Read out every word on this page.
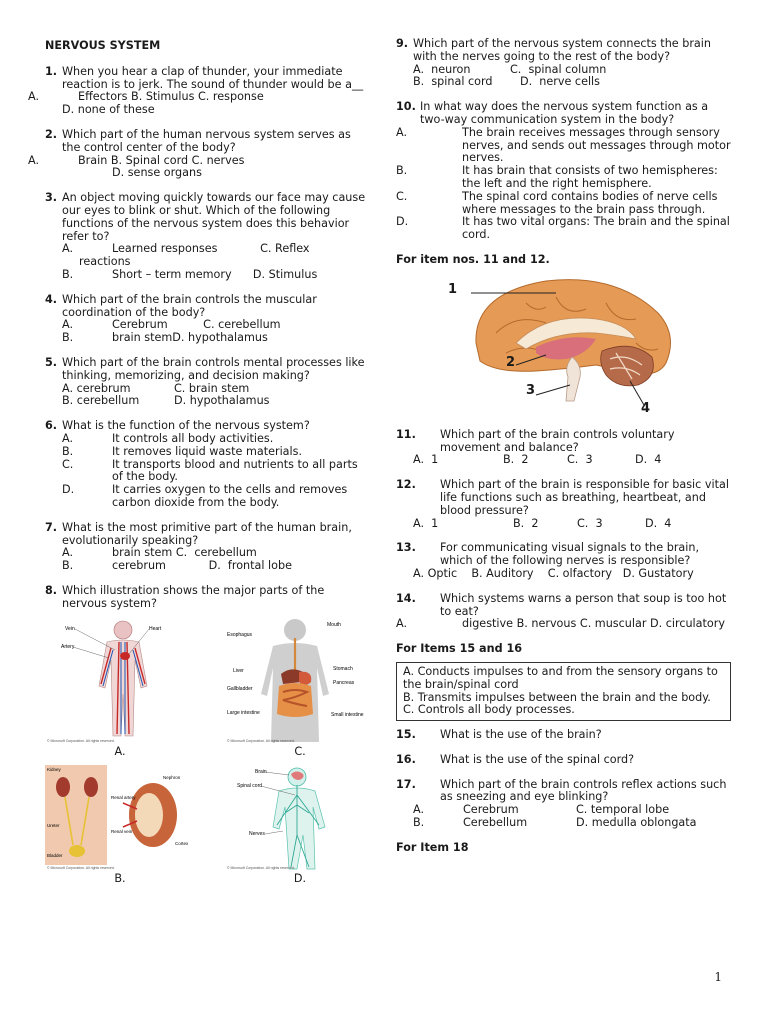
NERVOUS SYSTEM
1. When you hear a clap of thunder, your immediate reaction is to jerk. The sound of thunder would be a__
A.	Effectors B. Stimulus C. response
D. none of these
2. Which part of the human nervous system serves as the control center of the body?
A.	Brain B. Spinal cord C. nerves
D. sense organs
3. An object moving quickly towards our face may cause our eyes to blink or shut. Which of the following functions of the nervous system does this behavior refer to?
A.	Learned responses            C. Reflex
reactions
B.	Short – term memory      D. Stimulus
4. Which part of the brain controls the muscular coordination of the body?
A.	Cerebrum          C. cerebellum
B.	brain stemD. hypothalamus
5. Which part of the brain controls mental processes like thinking, memorizing, and decision making?
A. cerebrum	C. brain stem
B. cerebellum	D. hypothalamus
6. What is the function of the nervous system?
A.	It controls all body activities.
B.	It removes liquid waste materials.
C.	It transports blood and nutrients to all parts of the body.
D.	It carries oxygen to the cells and removes carbon dioxide from the body.
7. What is the most primitive part of the human brain, evolutionarily speaking?
A.	brain stem C.  cerebellum
B.	cerebrum            D.  frontal lobe
8. Which illustration shows the major parts of the nervous system?
Vein	Heart
Artery
© Microsoft Corporation. All rights reserved.
A.
Mouth
Esophagus
Liver	Stomach
Pancreas
Gallbladder
Large intestine	Small intestine
© Microsoft Corporation. All rights reserved.
C.
Kidney
Nephron
Renal artery
Renal vein
Ureter
Cortex
Bladder
© Microsoft Corporation. All rights reserved.
B.
Brain
Spinal cord
Nerves
© Microsoft Corporation. All rights reserved.
D.
9. Which part of the nervous system connects the brain with the nerves going to the rest of the body?
A.  neuron	C.  spinal column
B.  spinal cord	D.  nerve cells
10. In what way does the nervous system function as a two-way communication system in the body?
A.	The brain receives messages through sensory nerves, and sends out messages through motor nerves.
B.	It has brain that consists of two hemispheres: the left and the right hemisphere.
C.	The spinal cord contains bodies of nerve cells where messages to the brain pass through.
D.	It has two vital organs: The brain and the spinal cord.
For item nos. 11 and 12.
1
2
3
4
11.	Which part of the brain controls voluntary movement and balance?
A.  1	B.  2	C.  3	D.  4
12.	Which part of the brain is responsible for basic vital life functions such as breathing, heartbeat, and blood pressure?
A.  1	B.  2	C.  3	D.  4
13.	For communicating visual signals to the brain, which of the following nerves is responsible?
A. Optic    B. Auditory    C. olfactory   D. Gustatory
14.	Which systems warns a person that soup is too hot to eat?
A.	digestive B. nervous C. muscular D. circulatory
For Items 15 and 16
A. Conducts impulses to and from the sensory organs to the brain/spinal cord
B. Transmits impulses between the brain and the body.
C. Controls all body processes.
15.	What is the use of the brain?
16.	What is the use of the spinal cord?
17.	Which part of the brain controls reflex actions such as sneezing and eye blinking?
A.	Cerebrum	C. temporal lobe
B.	Cerebellum	D. medulla oblongata
For Item 18
1
